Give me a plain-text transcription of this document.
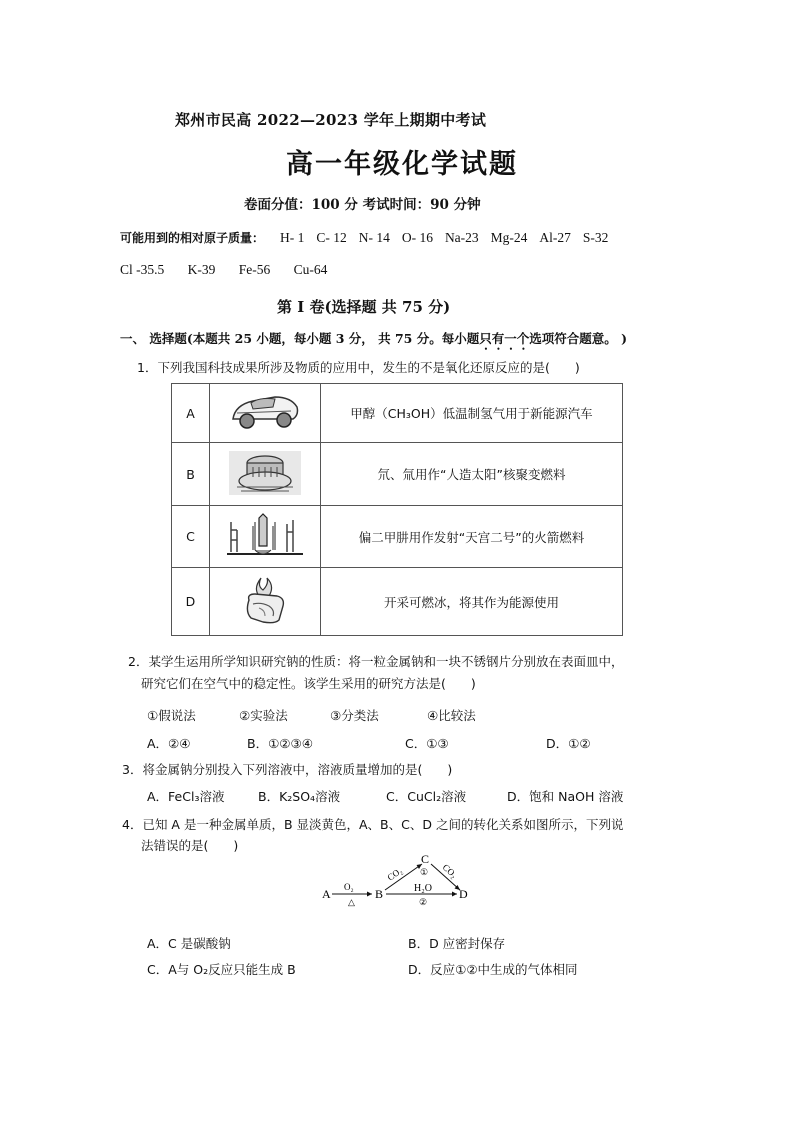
郑州市民高 2022—2023 学年上期期中考试
高一年级化学试题
卷面分值：100 分 考试时间：90 分钟
可能用到的相对原子质量： H- 1 C- 12 N- 14 O- 16 Na-23 Mg-24 Al-27 S-32
Cl -35.5 K-39 Fe-56 Cu-64
第 I 卷(选择题 共 75 分)
一、 选择题(本题共 25 小题，每小题 3 分， 共 75 分。每小题只有一个选项符合题意。 )
1．下列我国科技成果所涉及物质的应用中，发生的不是氧化还原反应的是(　　)
A		甲醇（CH₃OH）低温制氢气用于新能源汽车
B		氘、氚用作“人造太阳”核聚变燃料
C		偏二甲肼用作发射“天宫二号”的火箭燃料
D		开采可燃冰，将其作为能源使用
2．某学生运用所学知识研究钠的性质：将一粒金属钠和一块不锈钢片分别放在表面皿中，
研究它们在空气中的稳定性。该学生采用的研究方法是(　　)
①假说法	②实验法	③分类法	④比较法
A．②④	B．①②③④	C．①③	D．①②
3．将金属钠分别投入下列溶液中，溶液质量增加的是(　　)
A．FeCl₃溶液	B．K₂SO₄溶液	C．CuCl₂溶液	D．饱和 NaOH 溶液
4．已知 A 是一种金属单质，B 显淡黄色，A、B、C、D 之间的转化关系如图所示，下列说
法错误的是(　　)
A O₂
△
B
C
D
CO₂	CO₂
①
H₂O
②
A．C 是碳酸钠	B．D 应密封保存
C．A与 O₂反应只能生成 B	D．反应①②中生成的气体相同
